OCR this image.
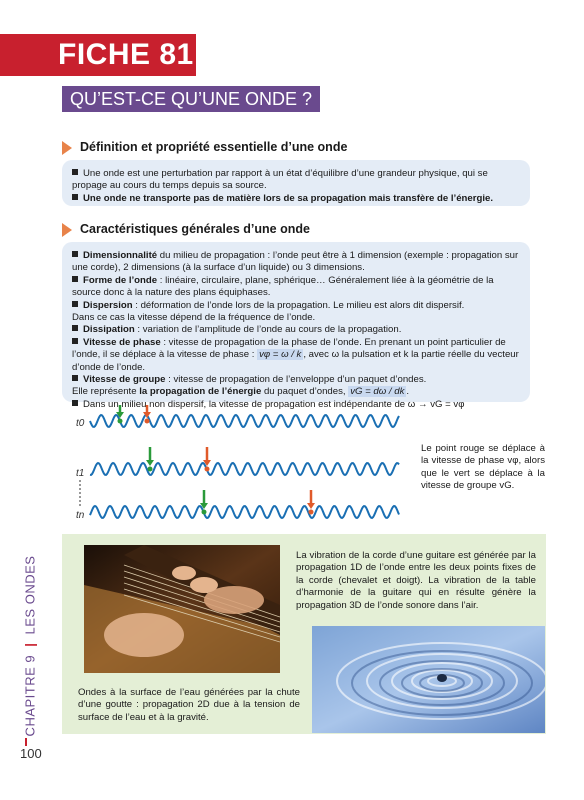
FICHE 81
QU’EST-CE QU’UNE ONDE ?
Définition et propriété essentielle d’une onde

Une onde est une perturbation par rapport à un état d’équilibre d’une grandeur physique, qui se propage au cours du temps depuis sa source.

Une onde ne transporte pas de matière lors de sa propagation mais transfère de l’énergie.

Caractéristiques générales d’une onde

Dimensionnalité du milieu de propagation : l’onde peut être à 1 dimension (exemple : propagation sur une corde), 2 dimensions (à la surface d’un liquide) ou 3 dimensions.

Forme de l’onde : linéaire, circulaire, plane, sphérique… Généralement liée à la géométrie de la source donc à la nature des plans équiphases.

Dispersion : déformation de l’onde lors de la propagation. Le milieu est alors dit dispersif.

Dans ce cas la vitesse dépend de la fréquence de l’onde.

Dissipation : variation de l’amplitude de l’onde au cours de la propagation.

Vitesse de phase : vitesse de propagation de la phase de l’onde. En prenant un point particulier de l’onde, il se déplace à la vitesse de phase : vφ = ω / k , avec ω la pulsation et k la partie réelle du vecteur d’onde de l’onde.

Vitesse de groupe : vitesse de propagation de l’enveloppe d’un paquet d’ondes.

Elle représente la propagation de l’énergie du paquet d’ondes, vG = dω / dk .

Dans un milieu non dispersif, la vitesse de propagation est indépendante de ω → vG = vφ

t0
t1
tn
Le point rouge se déplace à la vitesse de phase vφ, alors que le vert se déplace à la vitesse de groupe vG.
La vibration de la corde d’une guitare est générée par la propagation 1D de l’onde entre les deux points fixes de la corde (chevalet et doigt). La vibration de la table d’harmonie de la guitare qui en résulte génère la propagation 3D de l’onde sonore dans l’air.
Ondes à la surface de l’eau générées par la chute d’une goutte : propagation 2D due à la tension de surface de l’eau et à la gravité.
CHAPITRE 9 | LES ONDES
100
